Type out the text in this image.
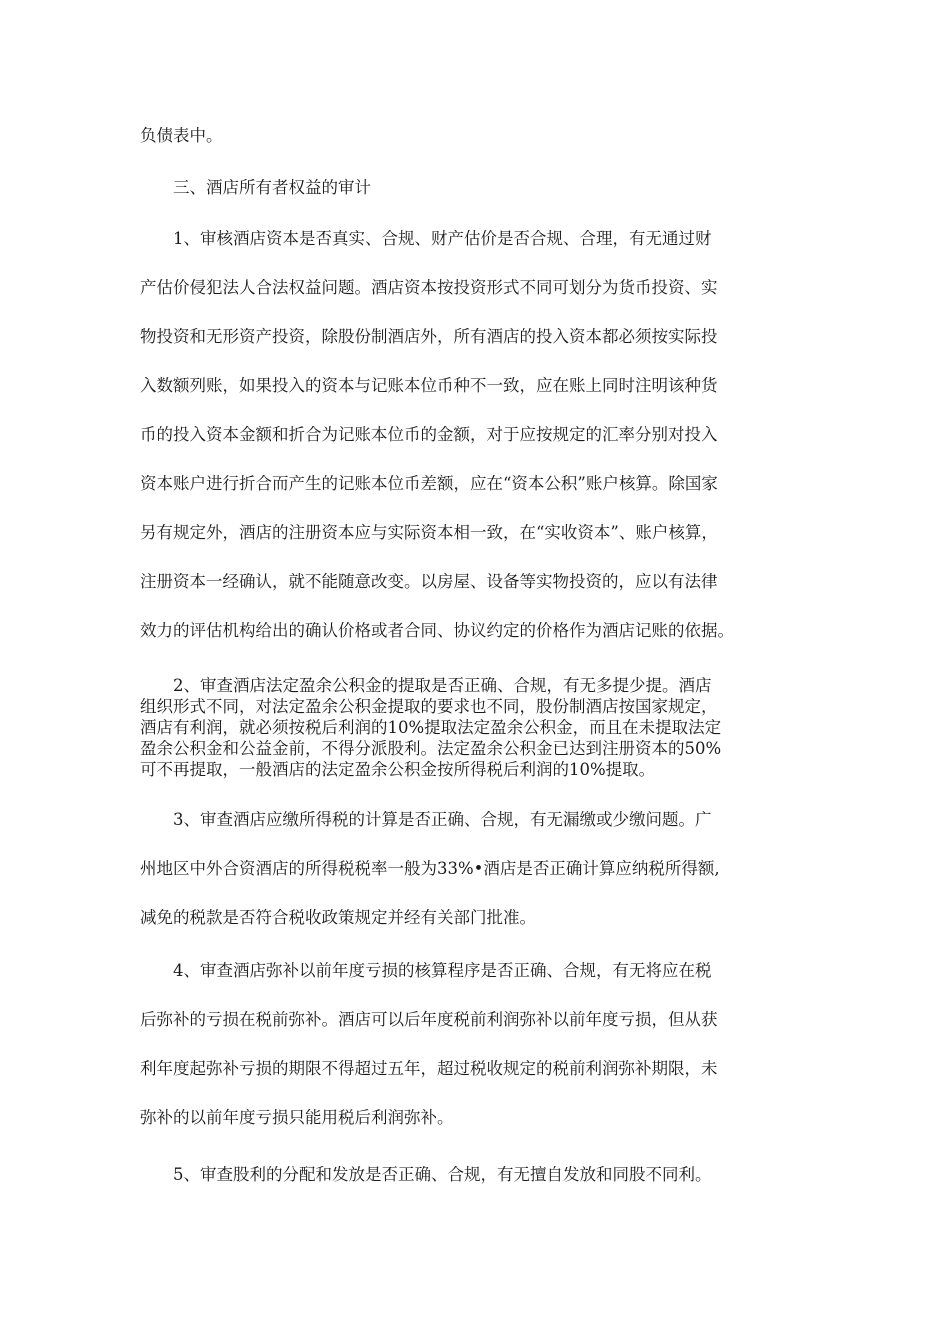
负债表中。

　　三、酒店所有者权益的审计

　　1、审核酒店资本是否真实、合规、财产估价是否合规、合理，有无通过财
产估价侵犯法人合法权益问题。酒店资本按投资形式不同可划分为货币投资、实
物投资和无形资产投资，除股份制酒店外，所有酒店的投入资本都必须按实际投
入数额列账，如果投入的资本与记账本位币种不一致，应在账上同时注明该种货
币的投入资本金额和折合为记账本位币的金额，对于应按规定的汇率分别对投入
资本账户进行折合而产生的记账本位币差额，应在“资本公积”账户核算。除国家
另有规定外，酒店的注册资本应与实际资本相一致，在“实收资本”、账户核算，
注册资本一经确认，就不能随意改变。以房屋、设备等实物投资的，应以有法律
效力的评估机构给出的确认价格或者合同、协议约定的价格作为酒店记账的依据。

　　2、审查酒店法定盈余公积金的提取是否正确、合规，有无多提少提。酒店
组织形式不同，对法定盈余公积金提取的要求也不同，股份制酒店按国家规定，
酒店有利润，就必须按税后利润的10%提取法定盈余公积金，而且在未提取法定
盈余公积金和公益金前，不得分派股利。法定盈余公积金已达到注册资本的50%
可不再提取，一般酒店的法定盈余公积金按所得税后利润的10%提取。

　　3、审查酒店应缴所得税的计算是否正确、合规，有无漏缴或少缴问题。广
州地区中外合资酒店的所得税税率一般为33%•酒店是否正确计算应纳税所得额,
减免的税款是否符合税收政策规定并经有关部门批准。

　　4、审查酒店弥补以前年度亏损的核算程序是否正确、合规，有无将应在税
后弥补的亏损在税前弥补。酒店可以后年度税前利润弥补以前年度亏损，但从获
利年度起弥补亏损的期限不得超过五年，超过税收规定的税前利润弥补期限，未
弥补的以前年度亏损只能用税后利润弥补。

　　5、审查股利的分配和发放是否正确、合规，有无擅自发放和同股不同利。
